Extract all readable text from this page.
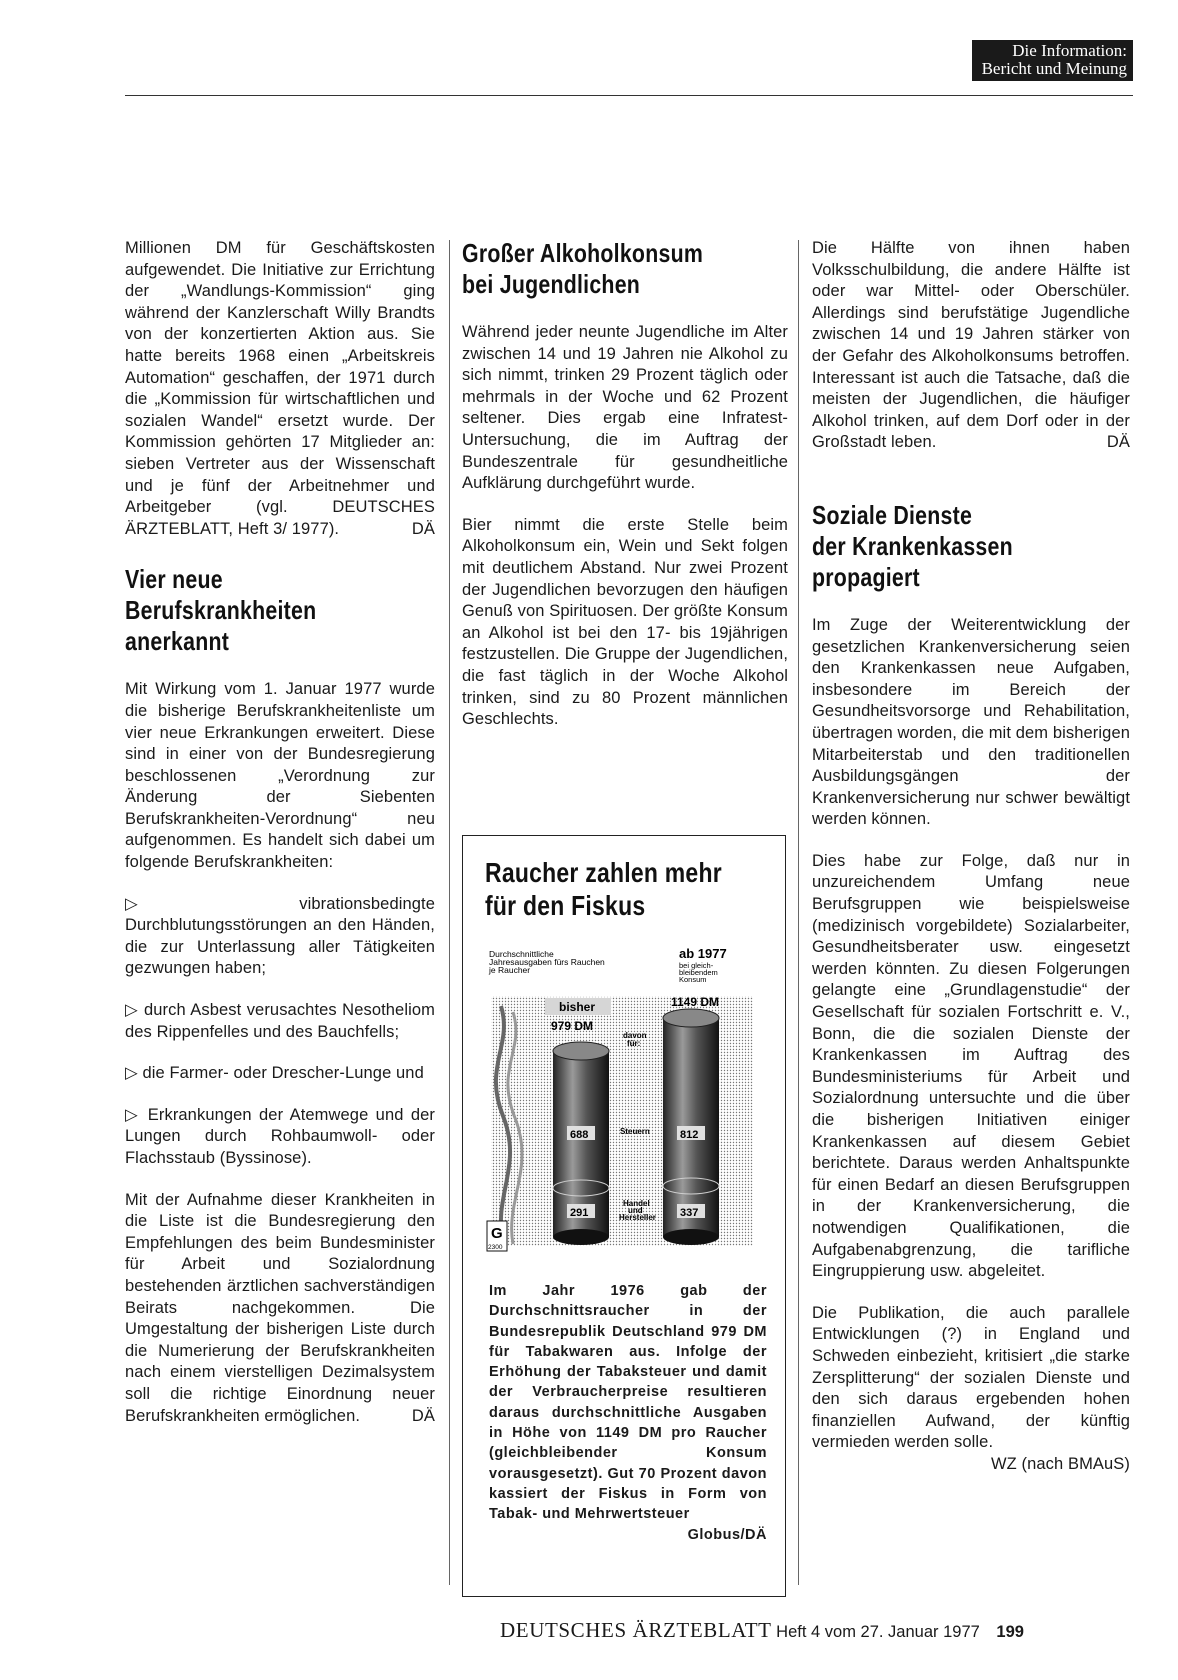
Die Information:
Bericht und Meinung

Millionen DM für Geschäftskosten aufgewendet. Die Initiative zur Errichtung der „Wandlungs-Kommission“ ging während der Kanzlerschaft Willy Brandts von der konzertierten Aktion aus. Sie hatte bereits 1968 einen „Arbeitskreis Automation“ geschaffen, der 1971 durch die „Kommission für wirtschaftlichen und sozialen Wandel“ ersetzt wurde. Der Kommission gehörten 17 Mitglieder an: sieben Vertreter aus der Wissenschaft und je fünf der Arbeitnehmer und Arbeitgeber (vgl. DEUTSCHES ÄRZTEBLATT, Heft 3/ 1977).	DÄ

Vier neue
Berufskrankheiten
anerkannt

Mit Wirkung vom 1. Januar 1977 wurde die bisherige Berufskrankheitenliste um vier neue Erkrankungen erweitert. Diese sind in einer von der Bundesregierung beschlossenen „Verordnung zur Änderung der Siebenten Berufskrankheiten-Verordnung“ neu aufgenommen. Es handelt sich dabei um folgende Berufskrankheiten:

▷ vibrationsbedingte Durchblutungsstörungen an den Händen, die zur Unterlassung aller Tätigkeiten gezwungen haben;

▷ durch Asbest verusachtes Nesotheliom des Rippenfelles und des Bauchfells;

▷ die Farmer- oder Drescher-Lunge und

▷ Erkrankungen der Atemwege und der Lungen durch Rohbaumwoll- oder Flachsstaub (Byssinose).

Mit der Aufnahme dieser Krankheiten in die Liste ist die Bundesregierung den Empfehlungen des beim Bundesminister für Arbeit und Sozialordnung bestehenden ärztlichen sachverständigen Beirats nachgekommen. Die Umgestaltung der bisherigen Liste durch die Numerierung der Berufskrankheiten nach einem vierstelligen Dezimalsystem soll die richtige Einordnung neuer Berufskrankheiten ermöglichen.	DÄ

Großer Alkoholkonsum
bei Jugendlichen

Während jeder neunte Jugendliche im Alter zwischen 14 und 19 Jahren nie Alkohol zu sich nimmt, trinken 29 Prozent täglich oder mehrmals in der Woche und 62 Prozent seltener. Dies ergab eine Infratest-Untersuchung, die im Auftrag der Bundeszentrale für gesundheitliche Aufklärung durchgeführt wurde.

Bier nimmt die erste Stelle beim Alkoholkonsum ein, Wein und Sekt folgen mit deutlichem Abstand. Nur zwei Prozent der Jugendlichen bevorzugen den häufigen Genuß von Spirituosen. Der größte Konsum an Alkohol ist bei den 17- bis 19jährigen festzustellen. Die Gruppe der Jugendlichen, die fast täglich in der Woche Alkohol trinken, sind zu 80 Prozent männlichen Geschlechts.

Raucher zahlen mehr
für den Fiskus
Durchschnittliche Jahresausgaben fürs Rauchen je Raucher
ab 1977
bei gleich- bleibendem Konsum
bisher
979 DM
1149 DM
davon für:
Steuern
Handel und Hersteller
688	812
291	337
G
2300

Im Jahr 1976 gab der Durchschnittsraucher in der Bundesrepublik Deutschland 979 DM für Tabakwaren aus. Infolge der Erhöhung der Tabaksteuer und damit der Verbraucherpreise resultieren daraus durchschnittliche Ausgaben in Höhe von 1149 DM pro Raucher (gleichbleibender Konsum vorausgesetzt). Gut 70 Prozent davon kassiert der Fiskus in Form von Tabak- und Mehrwertsteuer
Globus/DÄ

Die Hälfte von ihnen haben Volksschulbildung, die andere Hälfte ist oder war Mittel- oder Oberschüler. Allerdings sind berufstätige Jugendliche zwischen 14 und 19 Jahren stärker von der Gefahr des Alkoholkonsums betroffen. Interessant ist auch die Tatsache, daß die meisten der Jugendlichen, die häufiger Alkohol trinken, auf dem Dorf oder in der Großstadt leben.	DÄ

Soziale Dienste
der Krankenkassen
propagiert

Im Zuge der Weiterentwicklung der gesetzlichen Krankenversicherung seien den Krankenkassen neue Aufgaben, insbesondere im Bereich der Gesundheitsvorsorge und Rehabilitation, übertragen worden, die mit dem bisherigen Mitarbeiterstab und den traditionellen Ausbildungsgängen der Krankenversicherung nur schwer bewältigt werden können.

Dies habe zur Folge, daß nur in unzureichendem Umfang neue Berufsgruppen wie beispielsweise (medizinisch vorgebildete) Sozialarbeiter, Gesundheitsberater usw. eingesetzt werden könnten. Zu diesen Folgerungen gelangte eine „Grundlagenstudie“ der Gesellschaft für sozialen Fortschritt e. V., Bonn, die die sozialen Dienste der Krankenkassen im Auftrag des Bundesministeriums für Arbeit und Sozialordnung untersuchte und die über die bisherigen Initiativen einiger Krankenkassen auf diesem Gebiet berichtete. Daraus werden Anhaltspunkte für einen Bedarf an diesen Berufsgruppen in der Krankenversicherung, die notwendigen Qualifikationen, die Aufgabenabgrenzung, die tarifliche Eingruppierung usw. abgeleitet.

Die Publikation, die auch parallele Entwicklungen (?) in England und Schweden einbezieht, kritisiert „die starke Zersplitterung“ der sozialen Dienste und den sich daraus ergebenden hohen finanziellen Aufwand, der künftig vermieden werden solle.
WZ (nach BMAuS)

DEUTSCHES ÄRZTEBLATT Heft 4 vom 27. Januar 1977 199
